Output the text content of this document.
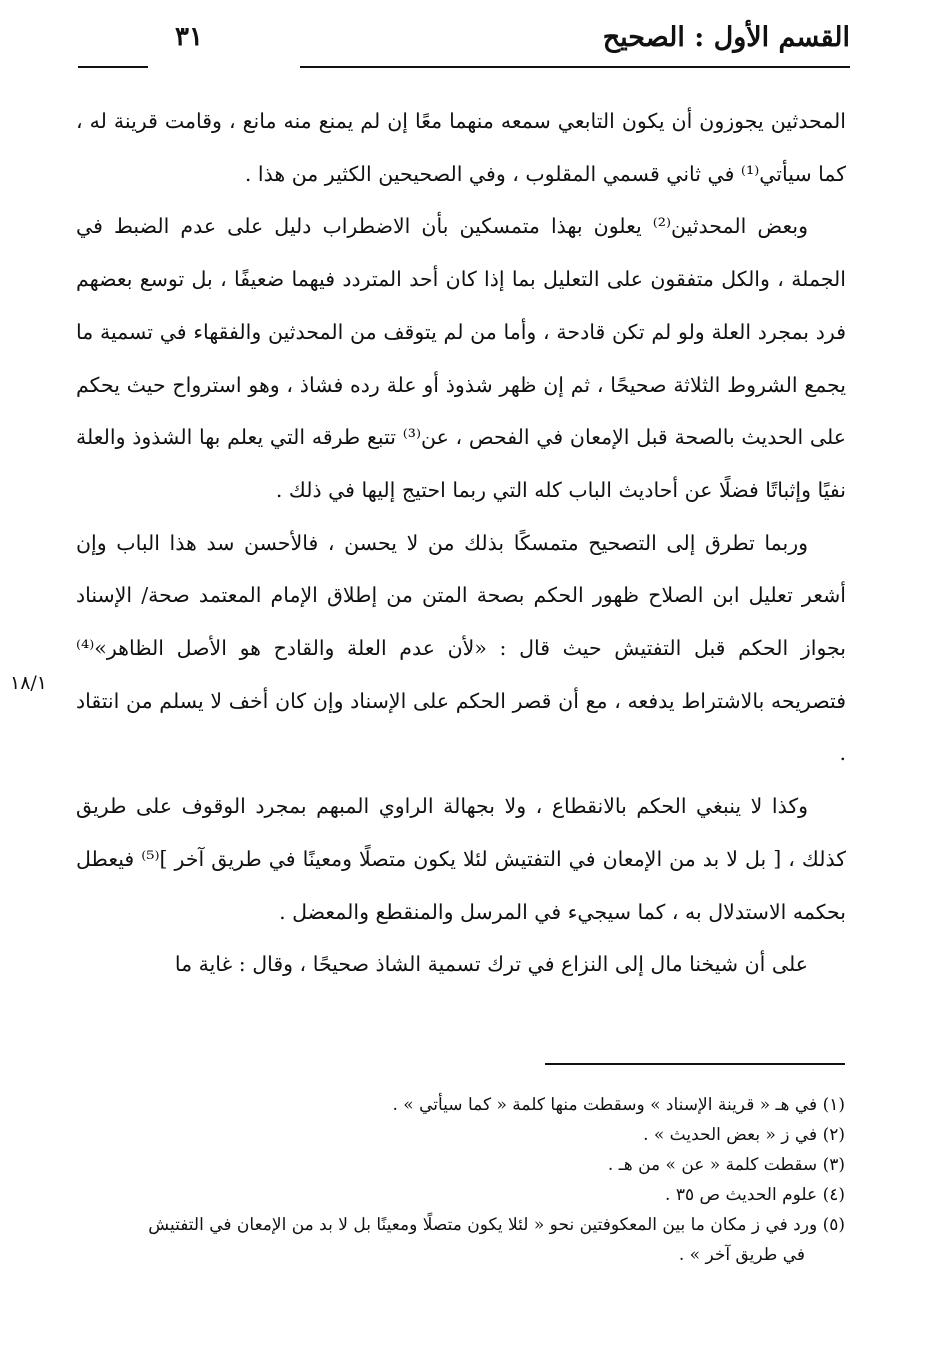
القسم الأول : الصحيح
٣١
١٨/١

المحدثين يجوزون أن يكون التابعي سمعه منهما معًا إن لم يمنع منه مانع ، وقامت قرينة له ، كما سيأتي⁽¹⁾ في ثاني قسمي المقلوب ، وفي الصحيحين الكثير من هذا .

وبعض المحدثين⁽²⁾ يعلون بهذا متمسكين بأن الاضطراب دليل على عدم الضبط في الجملة ، والكل متفقون على التعليل بما إذا كان أحد المتردد فيهما ضعيفًا ، بل توسع بعضهم فرد بمجرد العلة ولو لم تكن قادحة ، وأما من لم يتوقف من المحدثين والفقهاء في تسمية ما يجمع الشروط الثلاثة صحيحًا ، ثم إن ظهر شذوذ أو علة رده فشاذ ، وهو استرواح حيث يحكم على الحديث بالصحة قبل الإمعان في الفحص ، عن⁽³⁾ تتبع طرقه التي يعلم بها الشذوذ والعلة نفيًا وإثباتًا فضلًا عن أحاديث الباب كله التي ربما احتيج إليها في ذلك .

وربما تطرق إلى التصحيح متمسكًا بذلك من لا يحسن ، فالأحسن سد هذا الباب وإن أشعر تعليل ابن الصلاح ظهور الحكم بصحة المتن من إطلاق الإمام المعتمد صحة/ الإسناد بجواز الحكم قبل التفتيش حيث قال : «لأن عدم العلة والقادح هو الأصل الظاهر»⁽⁴⁾ فتصريحه بالاشتراط يدفعه ، مع أن قصر الحكم على الإسناد وإن كان أخف لا يسلم من انتقاد .

وكذا لا ينبغي الحكم بالانقطاع ، ولا بجهالة الراوي المبهم بمجرد الوقوف على طريق كذلك ، [ بل لا بد من الإمعان في التفتيش لئلا يكون متصلًا ومعينًا في طريق آخر ]⁽⁵⁾ فيعطل بحكمه الاستدلال به ، كما سيجيء في المرسل والمنقطع والمعضل .

على أن شيخنا مال إلى النزاع في ترك تسمية الشاذ صحيحًا ، وقال : غاية ما

(١) في هـ « قرينة الإسناد » وسقطت منها كلمة « كما سيأتي » .

(٢) في ز « بعض الحديث » .

(٣) سقطت كلمة « عن » من هـ .

(٤) علوم الحديث ص ٣٥ .

(٥) ورد في ز مكان ما بين المعكوفتين نحو « لئلا يكون متصلًا ومعينًا بل لا بد من الإمعان في التفتيش

في طريق آخر » .
